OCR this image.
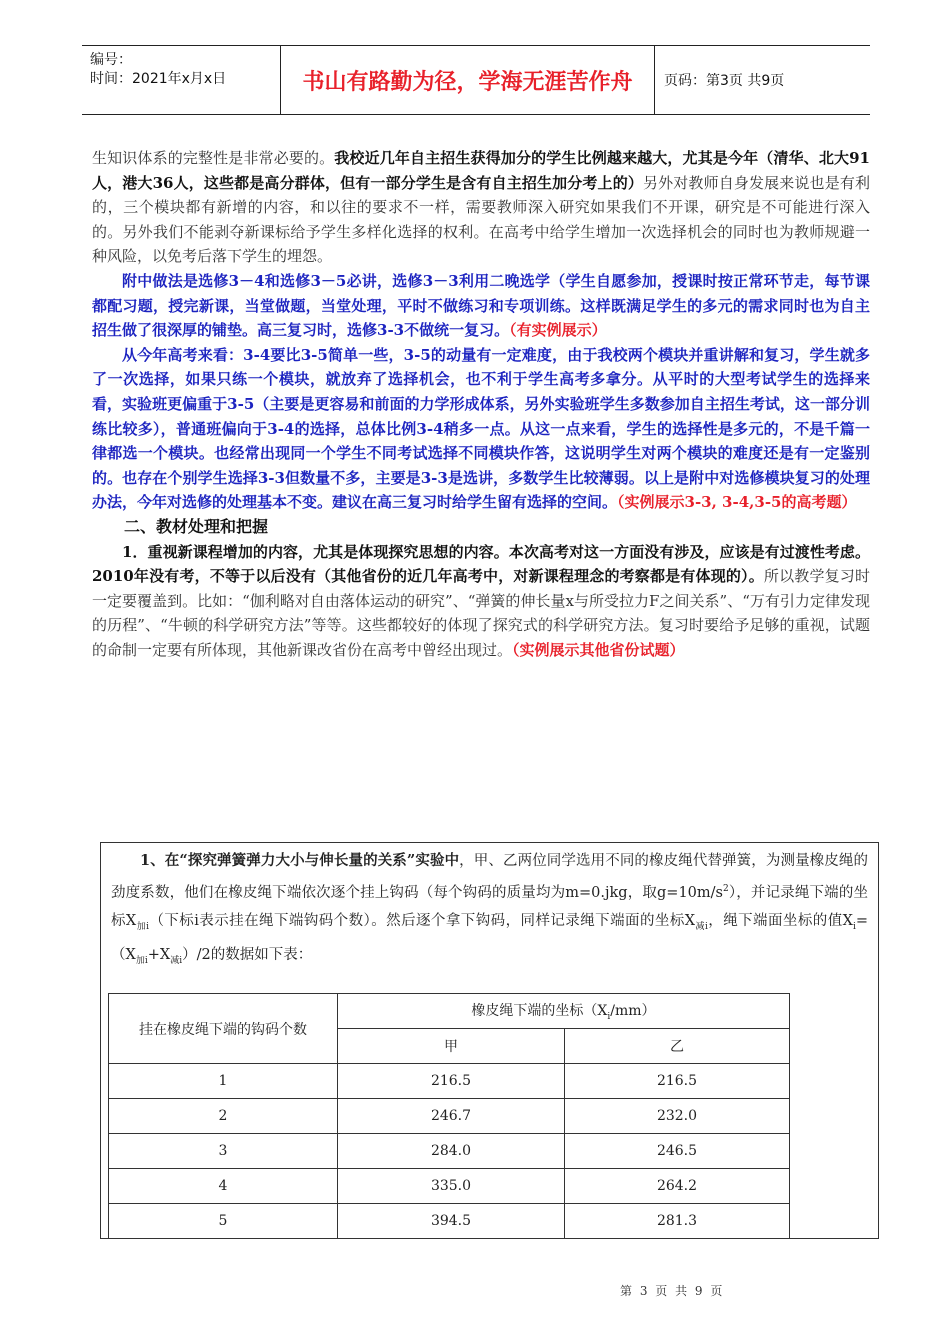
编号：
时间：2021年x月x日	书山有路勤为径，学海无涯苦作舟	页码：第3页 共9页

生知识体系的完整性是非常必要的。我校近几年自主招生获得加分的学生比例越来越大，尤其是今年（清华、北大91人，港大36人，这些都是高分群体，但有一部分学生是含有自主招生加分考上的）另外对教师自身发展来说也是有利的，三个模块都有新增的内容，和以往的要求不一样，需要教师深入研究如果我们不开课，研究是不可能进行深入的。另外我们不能剥夺新课标给予学生多样化选择的权利。在高考中给学生增加一次选择机会的同时也为教师规避一种风险，以免考后落下学生的埋怨。

附中做法是选修3－4和选修3－5必讲，选修3－3利用二晚选学（学生自愿参加，授课时按正常环节走，每节课都配习题，授完新课，当堂做题，当堂处理，平时不做练习和专项训练。这样既满足学生的多元的需求同时也为自主招生做了很深厚的铺垫。高三复习时，选修3-3不做统一复习。（有实例展示）

从今年高考来看：3-4要比3-5简单一些，3-5的动量有一定难度，由于我校两个模块并重讲解和复习，学生就多了一次选择，如果只练一个模块，就放弃了选择机会，也不利于学生高考多拿分。从平时的大型考试学生的选择来看，实验班更偏重于3-5（主要是更容易和前面的力学形成体系，另外实验班学生多数参加自主招生考试，这一部分训练比较多），普通班偏向于3-4的选择，总体比例3-4稍多一点。从这一点来看，学生的选择性是多元的，不是千篇一律都选一个模块。也经常出现同一个学生不同考试选择不同模块作答，这说明学生对两个模块的难度还是有一定鉴别的。也存在个别学生选择3-3但数量不多，主要是3-3是选讲，多数学生比较薄弱。以上是附中对选修模块复习的处理办法，今年对选修的处理基本不变。建议在高三复习时给学生留有选择的空间。（实例展示3-3, 3-4,3-5的高考题）

二、教材处理和把握

1．重视新课程增加的内容，尤其是体现探究思想的内容。本次高考对这一方面没有涉及，应该是有过渡性考虑。2010年没有考，不等于以后没有（其他省份的近几年高考中，对新课程理念的考察都是有体现的）。所以教学复习时一定要覆盖到。比如：“伽利略对自由落体运动的研究”、“弹簧的伸长量x与所受拉力F之间关系”、“万有引力定律发现的历程”、“牛顿的科学研究方法”等等。这些都较好的体现了探究式的科学研究方法。复习时要给予足够的重视，试题的命制一定要有所体现，其他新课改省份在高考中曾经出现过。（实例展示其他省份试题）

1、在“探究弹簧弹力大小与伸长量的关系”实验中，甲、乙两位同学选用不同的橡皮绳代替弹簧，为测量橡皮绳的劲度系数，他们在橡皮绳下端依次逐个挂上钩码（每个钩码的质量均为m=0.jkg，取$g=10m/s^2$），并记录绳下端的坐标$X_{加i}$（下标i表示挂在绳下端钩码个数）。然后逐个拿下钩码，同样记录绳下端面的坐标$X_{减i}$，绳下端面坐标的值$X_i=(X_{加i}+X_{减i})/2$的数据如下表：

挂在橡皮绳下端的钩码个数	橡皮绳下端的坐标$(X_i/mm)$	
	甲	乙
1	216.5	216.5
2	246.7	232.0
3	284.0	246.5
4	335.0	264.2
5	394.5	281.3
第 3 页 共 9 页
